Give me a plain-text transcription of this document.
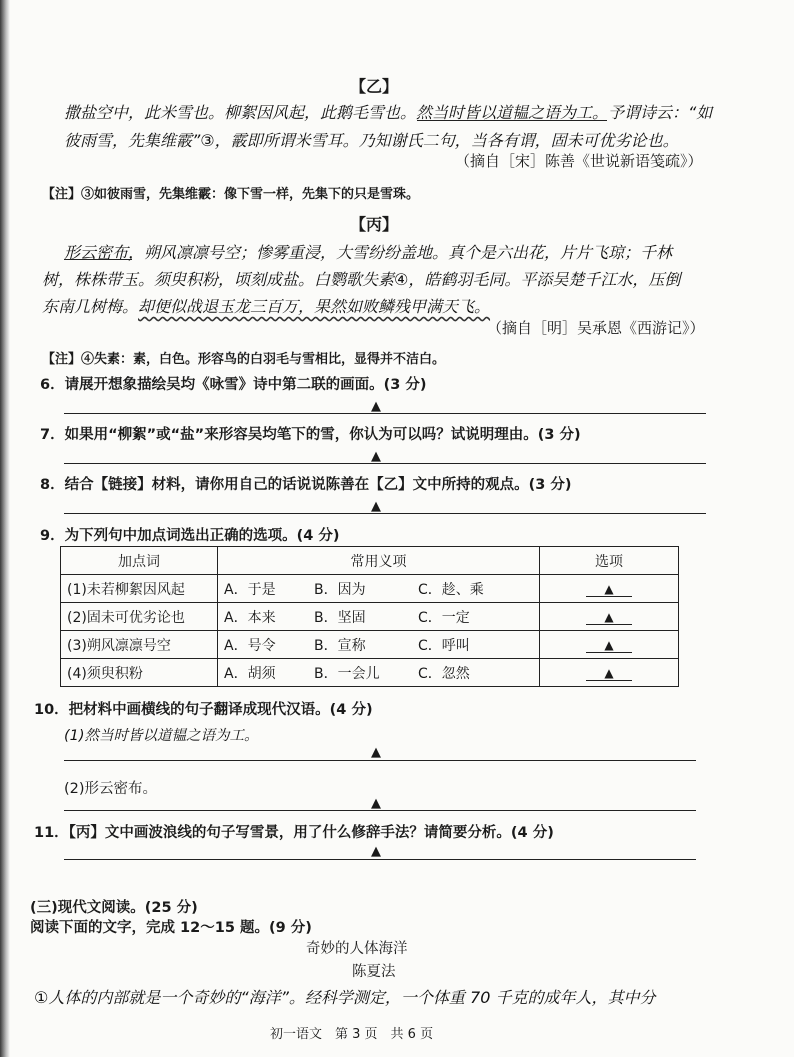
【乙】
撒盐空中，此米雪也。柳絮因风起，此鹅毛雪也。然当时皆以道韫之语为工。予谓诗云：“如
彼雨雪，先集维霰”③，霰即所谓米雪耳。乃知谢氏二句，当各有谓，固未可优劣论也。
（摘自［宋］陈善《世说新语笺疏》）
【注】③如彼雨雪，先集维霰：像下雪一样，先集下的只是雪珠。
【丙】
形云密布，朔风凛凛号空；惨雾重浸，大雪纷纷盖地。真个是六出花，片片飞琼；千林
树，株株带玉。须臾积粉，顷刻成盐。白鹦歌失素④，皓鹤羽毛同。平添吴楚千江水，压倒
东南几树梅。却便似战退玉龙三百万，果然如败鳞残甲满天飞。
（摘自［明］吴承恩《西游记》）
【注】④失素：素，白色。形容鸟的白羽毛与雪相比，显得并不洁白。
6．请展开想象描绘吴均《咏雪》诗中第二联的画面。(3 分)
▲
7．如果用“柳絮”或“盐”来形容吴均笔下的雪，你认为可以吗？试说明理由。(3 分)
▲
8．结合【链接】材料，请你用自己的话说说陈善在【乙】文中所持的观点。(3 分)
▲
9．为下列句中加点词选出正确的选项。(4 分)
加点词	常用义项	选项
(1)未若柳絮因风起	A．于是 B．因为 C．趁、乘	▲
(2)固未可优劣论也	A．本来 B．坚固 C．一定	▲
(3)朔风凛凛号空	A．号令 B．宣称 C．呼叫	▲
(4)须臾积粉	A．胡须 B．一会儿 C．忽然	▲
10．把材料中画横线的句子翻译成现代汉语。(4 分)
(1)然当时皆以道韫之语为工。
▲
(2)形云密布。
▲
11．【丙】文中画波浪线的句子写雪景，用了什么修辞手法？请简要分析。(4 分)
▲
(三)现代文阅读。(25 分)
阅读下面的文字，完成 12～15 题。(9 分)
奇妙的人体海洋
陈夏法
①人体的内部就是一个奇妙的“海洋”。经科学测定，一个体重 70 千克的成年人，其中分
初一语文　第 3 页　共 6 页
